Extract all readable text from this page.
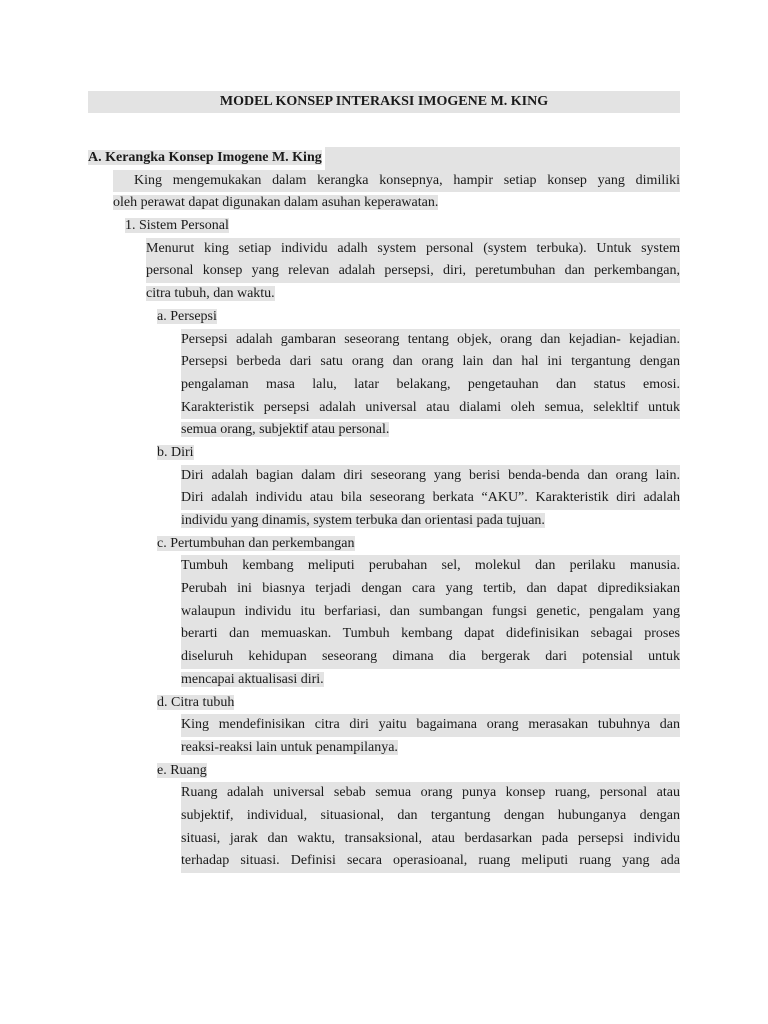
MODEL KONSEP INTERAKSI IMOGENE M. KING
A. Kerangka Konsep Imogene M. King
King mengemukakan dalam kerangka konsepnya, hampir setiap konsep yang dimiliki
oleh perawat dapat digunakan dalam asuhan keperawatan.
1. Sistem Personal
Menurut king setiap individu adalh system personal (system terbuka). Untuk system
personal konsep yang relevan adalah persepsi, diri, peretumbuhan dan perkembangan,
citra tubuh, dan waktu.
a. Persepsi
Persepsi adalah gambaran seseorang tentang objek, orang dan kejadian- kejadian.
Persepsi berbeda dari satu orang dan orang lain dan hal ini tergantung dengan
pengalaman masa lalu, latar belakang, pengetauhan dan status emosi.
Karakteristik persepsi adalah universal atau dialami oleh semua, selekltif untuk
semua orang, subjektif atau personal.
b. Diri
Diri adalah bagian dalam diri seseorang yang berisi benda-benda dan orang lain.
Diri adalah individu atau bila seseorang berkata “AKU”. Karakteristik diri adalah
individu yang dinamis, system terbuka dan orientasi pada tujuan.
c. Pertumbuhan dan perkembangan
Tumbuh kembang meliputi perubahan sel, molekul dan perilaku manusia.
Perubah ini biasnya terjadi dengan cara yang tertib, dan dapat diprediksiakan
walaupun individu itu berfariasi, dan sumbangan fungsi genetic, pengalam yang
berarti dan memuaskan. Tumbuh kembang dapat didefinisikan sebagai proses
diseluruh kehidupan seseorang dimana dia bergerak dari potensial untuk
mencapai aktualisasi diri.
d. Citra tubuh
King mendefinisikan citra diri yaitu bagaimana orang merasakan tubuhnya dan
reaksi-reaksi lain untuk penampilanya.
e. Ruang
Ruang adalah universal sebab semua orang punya konsep ruang, personal atau
subjektif, individual, situasional, dan tergantung dengan hubunganya dengan
situasi, jarak dan waktu, transaksional, atau berdasarkan pada persepsi individu
terhadap situasi. Definisi secara operasioanal, ruang meliputi ruang yang ada
